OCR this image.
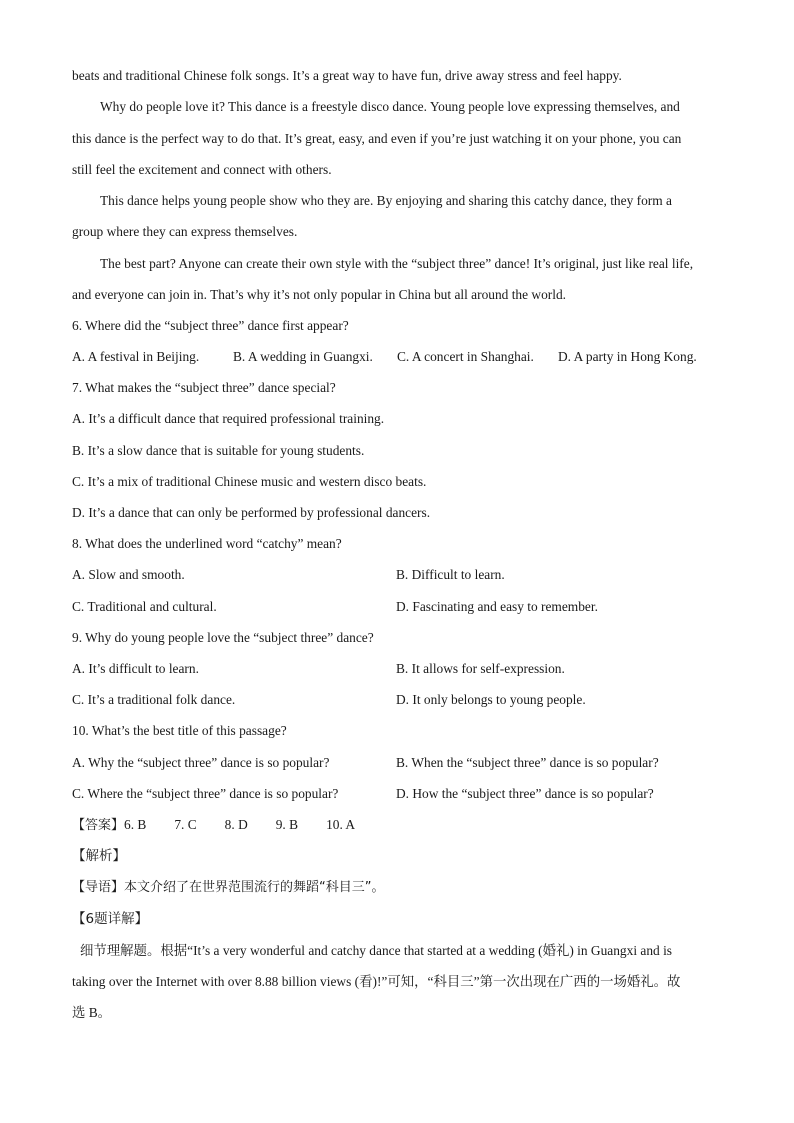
beats and traditional Chinese folk songs. It’s a great way to have fun, drive away stress and feel happy.
Why do people love it? This dance is a freestyle disco dance. Young people love expressing themselves, and
this dance is the perfect way to do that. It’s great, easy, and even if you’re just watching it on your phone, you can
still feel the excitement and connect with others.
This dance helps young people show who they are. By enjoying and sharing this catchy dance, they form a
group where they can express themselves.
The best part? Anyone can create their own style with the “subject three” dance! It’s original, just like real life,
and everyone can join in. That’s why it’s not only popular in China but all around the world.
6. Where did the “subject three” dance first appear?
A. A festival in Beijing.	B. A wedding in Guangxi. C. A concert in Shanghai. D. A party in Hong Kong.
7. What makes the “subject three” dance special?
A. It’s a difficult dance that required professional training.
B. It’s a slow dance that is suitable for young students.
C. It’s a mix of traditional Chinese music and western disco beats.
D. It’s a dance that can only be performed by professional dancers.
8. What does the underlined word “catchy” mean?
A. Slow and smooth.	B. Difficult to learn.
C. Traditional and cultural.	D. Fascinating and easy to remember.
9. Why do young people love the “subject three” dance?
A. It’s difficult to learn.	B. It allows for self-expression.
C. It’s a traditional folk dance.	D. It only belongs to young people.
10. What’s the best title of this passage?
A. Why the “subject three” dance is so popular?	B. When the “subject three” dance is so popular?
C. Where the “subject three” dance is so popular?	D. How the “subject three” dance is so popular?
【答案】6. B 7. C 8. D 9. B 10. A
【解析】
【导语】本文介绍了在世界范围流行的舞蹈“科目三”。
【6题详解】
细节理解题。根据“It’s a very wonderful and catchy dance that started at a wedding (婚礼) in Guangxi and is
taking over the Internet with over 8.88 billion views (看)!”可知，“科目三”第一次出现在广西的一场婚礼。故
选 B。
